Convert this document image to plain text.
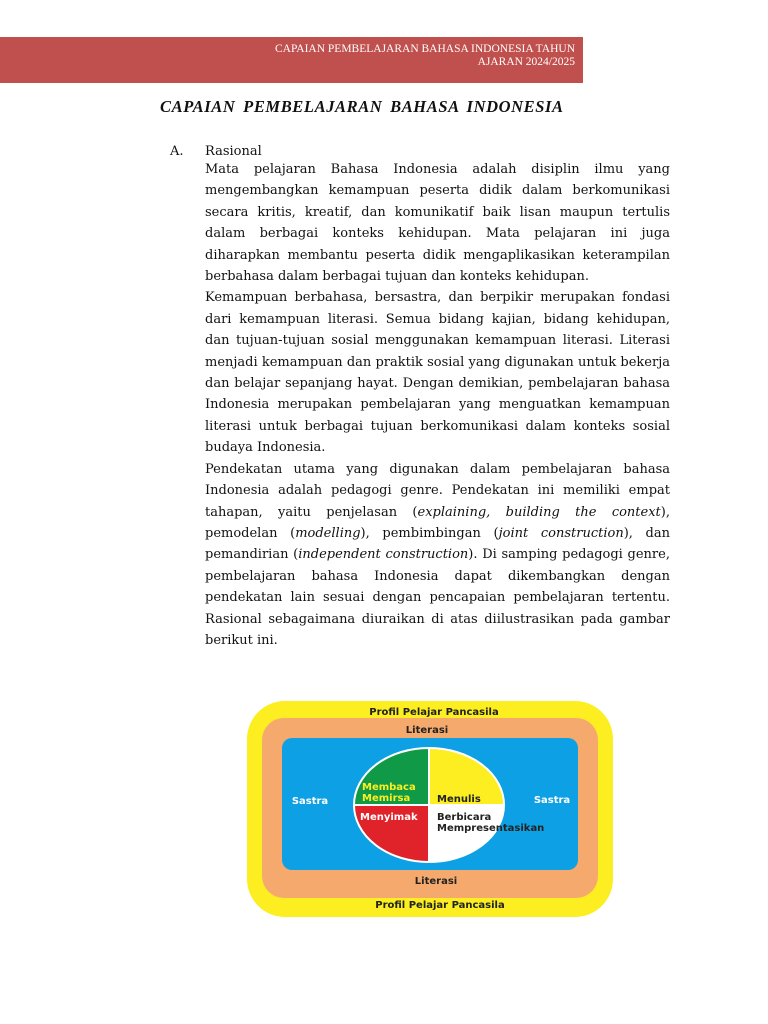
CAPAIAN PEMBELAJARAN BAHASA INDONESIA TAHUN
AJARAN 2024/2025
CAPAIAN PEMBELAJARAN BAHASA INDONESIA
A. Rasional

Mata pelajaran Bahasa Indonesia adalah disiplin ilmu yang mengembangkan kemampuan peserta didik dalam berkomunikasi secara kritis, kreatif, dan komunikatif baik lisan maupun tertulis dalam berbagai konteks kehidupan. Mata pelajaran ini juga diharapkan membantu peserta didik mengaplikasikan keterampilan berbahasa dalam berbagai tujuan dan konteks kehidupan.

Kemampuan berbahasa, bersastra, dan berpikir merupakan fondasi dari kemampuan literasi. Semua bidang kajian, bidang kehidupan, dan tujuan-tujuan sosial menggunakan kemampuan literasi. Literasi menjadi kemampuan dan praktik sosial yang digunakan untuk bekerja dan belajar sepanjang hayat. Dengan demikian, pembelajaran bahasa Indonesia merupakan pembelajaran yang menguatkan kemampuan literasi untuk berbagai tujuan berkomunikasi dalam konteks sosial budaya Indonesia.

Pendekatan utama yang digunakan dalam pembelajaran bahasa Indonesia adalah pedagogi genre. Pendekatan ini memiliki empat tahapan, yaitu penjelasan (explaining, building the context), pemodelan (modelling), pembimbingan (joint construction), dan pemandirian (independent construction). Di samping pedagogi genre, pembelajaran bahasa Indonesia dapat dikembangkan dengan pendekatan lain sesuai dengan pencapaian pembelajaran tertentu. Rasional sebagaimana diuraikan di atas diilustrasikan pada gambar berikut ini.

Profil Pelajar Pancasila
Literasi
Sastra	Sastra
Membaca
Memirsa	Menulis
Menyimak Berbicara
Mempresentasikan
Literasi
Profil Pelajar Pancasila
